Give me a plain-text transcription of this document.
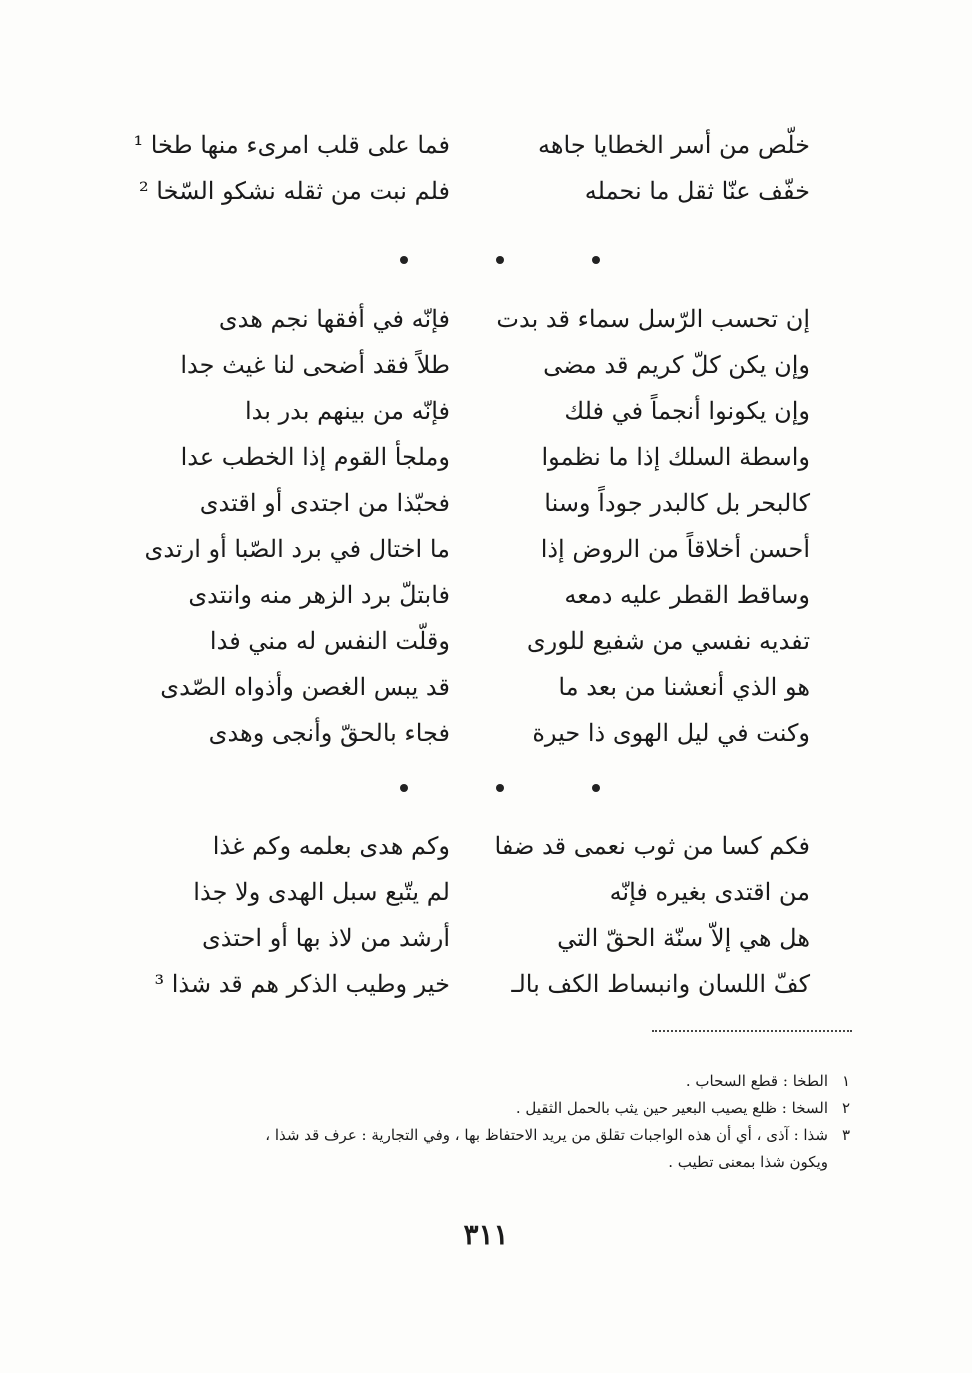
خلّص من أسر الخطايا جاهه
فما على قلب امرىء منها طخا ¹
خفّف عنّا ثقل ما نحمله
فلم نبت من ثقله نشكو السّخا ²
إن تحسب الرّسل سماء قد بدت
فإنّه في أفقها نجم هدى
وإن يكن كلّ كريم قد مضى
طلاً فقد أضحى لنا غيث جدا
وإن يكونوا أنجماً في فلك
فإنّه من بينهم بدر بدا
واسطة السلك إذا ما نظموا
وملجأ القوم إذا الخطب عدا
كالبحر بل كالبدر جوداً وسنا
فحبّذا من اجتدى أو اقتدى
أحسن أخلاقاً من الروض إذا
ما اختال في برد الصّبا أو ارتدى
وساقط القطر عليه دمعه
فابتلّ برد الزهر منه وانتدى
تفديه نفسي من شفيع للورى
وقلّت النفس له مني فدا
هو الذي أنعشنا من بعد ما
قد يبس الغصن وأذواه الصّدى
وكنت في ليل الهوى ذا حيرة
فجاء بالحقّ وأنجى وهدى
فكم كسا من ثوب نعمى قد ضفا
وكم هدى بعلمه وكم غذا
من اقتدى بغيره فإنّه
لم يتّبع سبل الهدى ولا جذا
هل هي إلاّ سنّة الحقّ التي
أرشد من لاذ بها أو احتذى
كفّ اللسان وانبساط الكف بالـ
خير وطيب الذكر هم قد شذا ³
١
الطخا : قطع السحاب .
٢
السخا : ظلع يصيب البعير حين يثب بالحمل الثقيل .
٣
شذا : آذى ، أي أن هذه الواجبات تقلق من يريد الاحتفاظ بها ، وفي التجارية : عرف قد شذا ،
ويكون شذا بمعنى تطيب .
٣١١
